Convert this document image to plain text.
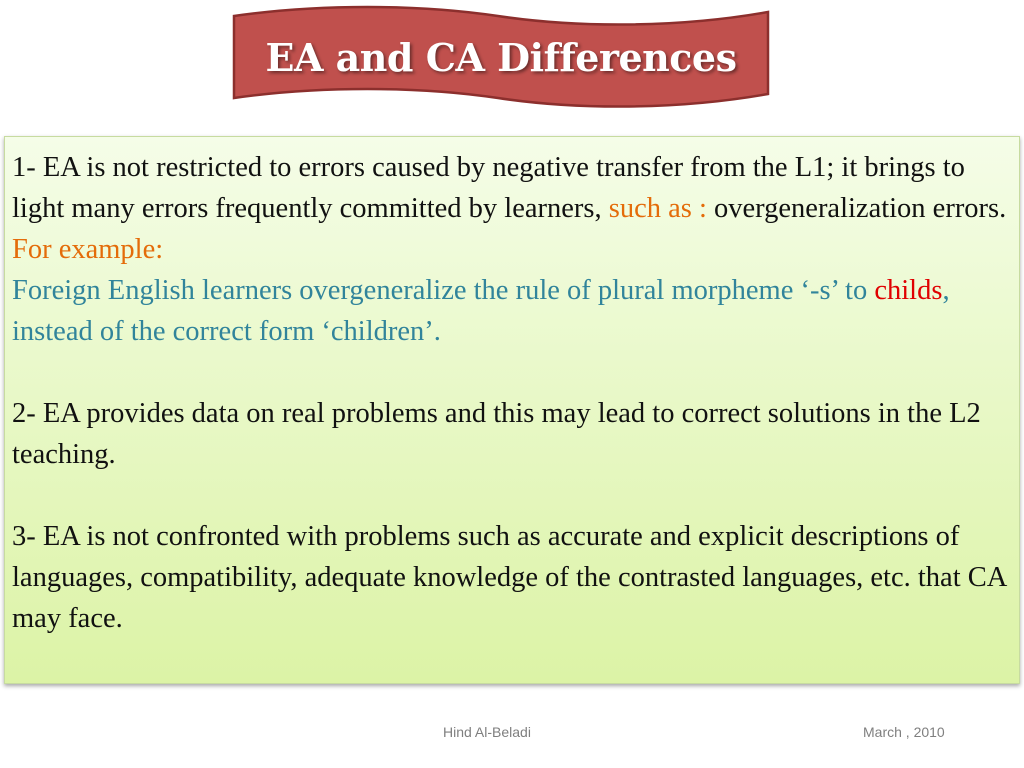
EA and CA Differences

1- EA is not restricted to errors caused by negative transfer from the L1; it brings to light many errors frequently committed by learners, such as : overgeneralization errors.

For example:

Foreign English learners overgeneralize the rule of plural morpheme ‘-s’ to childs, instead of the correct form ‘children’.

2- EA provides data on real problems and this may lead to correct solutions in the L2 teaching.

3- EA is not confronted with problems such as accurate and explicit descriptions of languages, compatibility, adequate knowledge of the contrasted languages, etc. that CA may face.

Hind Al-Beladi	March , 2010
